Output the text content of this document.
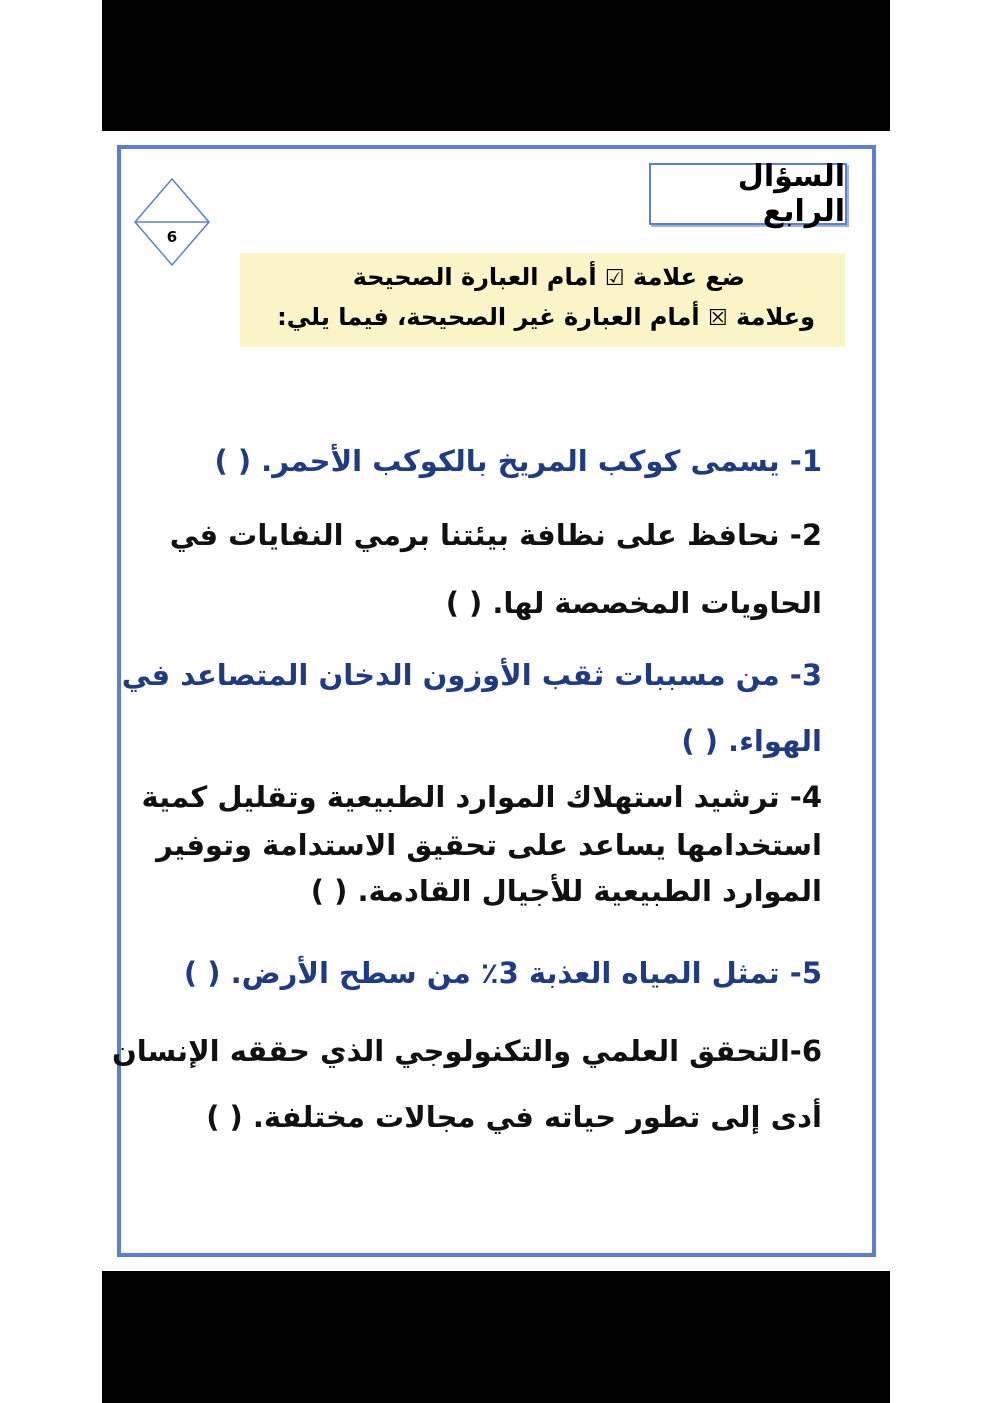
6
السؤال الرابع
ضع علامة ☑ أمام العبارة الصحيحة
وعلامة ☒ أمام العبارة غير الصحيحة، فيما يلي:
1- يسمى كوكب المريخ بالكوكب الأحمر. ( )
2- نحافظ على نظافة بيئتنا برمي النفايات في
الحاويات المخصصة لها. ( )
3- من مسببات ثقب الأوزون الدخان المتصاعد في
الهواء. ( )
4- ترشيد استهلاك الموارد الطبيعية وتقليل كمية
استخدامها يساعد على تحقيق الاستدامة وتوفير
الموارد الطبيعية للأجيال القادمة. ( )
5- تمثل المياه العذبة 3٪ من سطح الأرض. ( )
6-التحقق العلمي والتكنولوجي الذي حققه الإنسان
أدى إلى تطور حياته في مجالات مختلفة. ( )
